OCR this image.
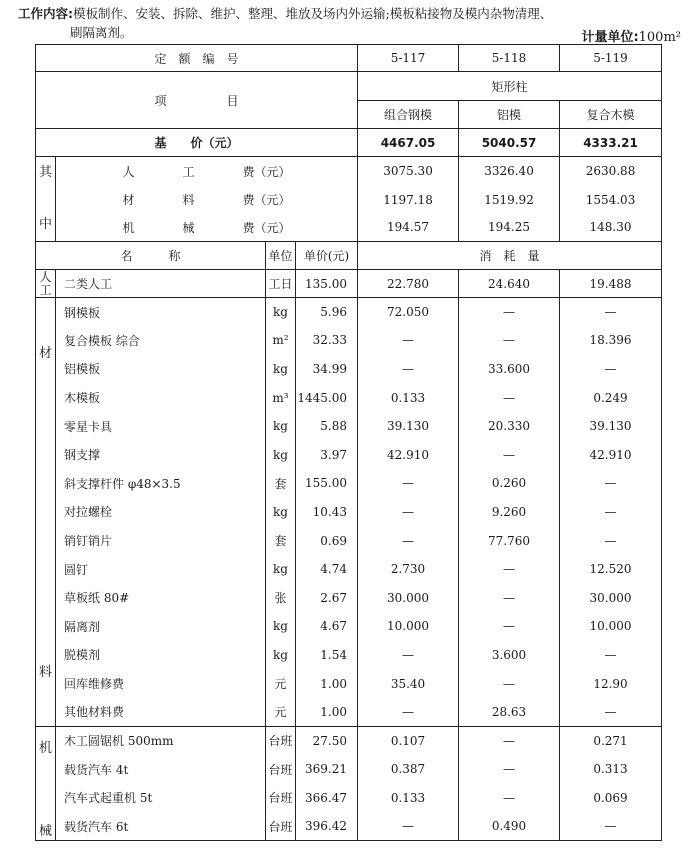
工作内容:模板制作、安装、拆除、维护、整理、堆放及场内外运输;模板粘接物及模内杂物清理、
刷隔离剂。	计量单位:100m²
定　额　编　号				5-117	5-118	5-119
项　　　　　目				矩形柱		
				组合钢模	铝模	复合木模
基　　价（元）				4467.05	5040.57	4333.21

其
中	人　　　　工　　　　费（元）			3075.30	3326.40	2630.88
	材　　　　料　　　　费（元）			1197.18	1519.92	1554.03
	机　　　　械　　　　费（元）			194.57	194.25	148.30
名　　　称		单位	单价(元)	消　耗　量		
人工	二类人工	工日	135.00	22.780	24.640	19.488

材
料	钢模板	kg	5.96	72.050	—	—
	复合模板 综合	m²	32.33	—	—	18.396
	铝模板	kg	34.99	—	33.600	—
	木模板	m³	1445.00	0.133	—	0.249
	零星卡具	kg	5.88	39.130	20.330	39.130
	钢支撑	kg	3.97	42.910	—	42.910
	斜支撑杆件 φ48×3.5	套	155.00	—	0.260	—
	对拉螺栓	kg	10.43	—	9.260	—
	销钉销片	套	0.69	—	77.760	—
	圆钉	kg	4.74	2.730	—	12.520
	草板纸 80#	张	2.67	30.000	—	30.000
	隔离剂	kg	4.67	10.000	—	10.000
	脱模剂	kg	1.54	—	3.600	—
	回库维修费	元	1.00	35.40	—	12.90
	其他材料费	元	1.00	—	28.63	—

机
械	木工圆锯机 500mm	台班	27.50	0.107	—	0.271
	载货汽车 4t	台班	369.21	0.387	—	0.313
	汽车式起重机 5t	台班	366.47	0.133	—	0.069
	载货汽车 6t	台班	396.42	—	0.490	—
